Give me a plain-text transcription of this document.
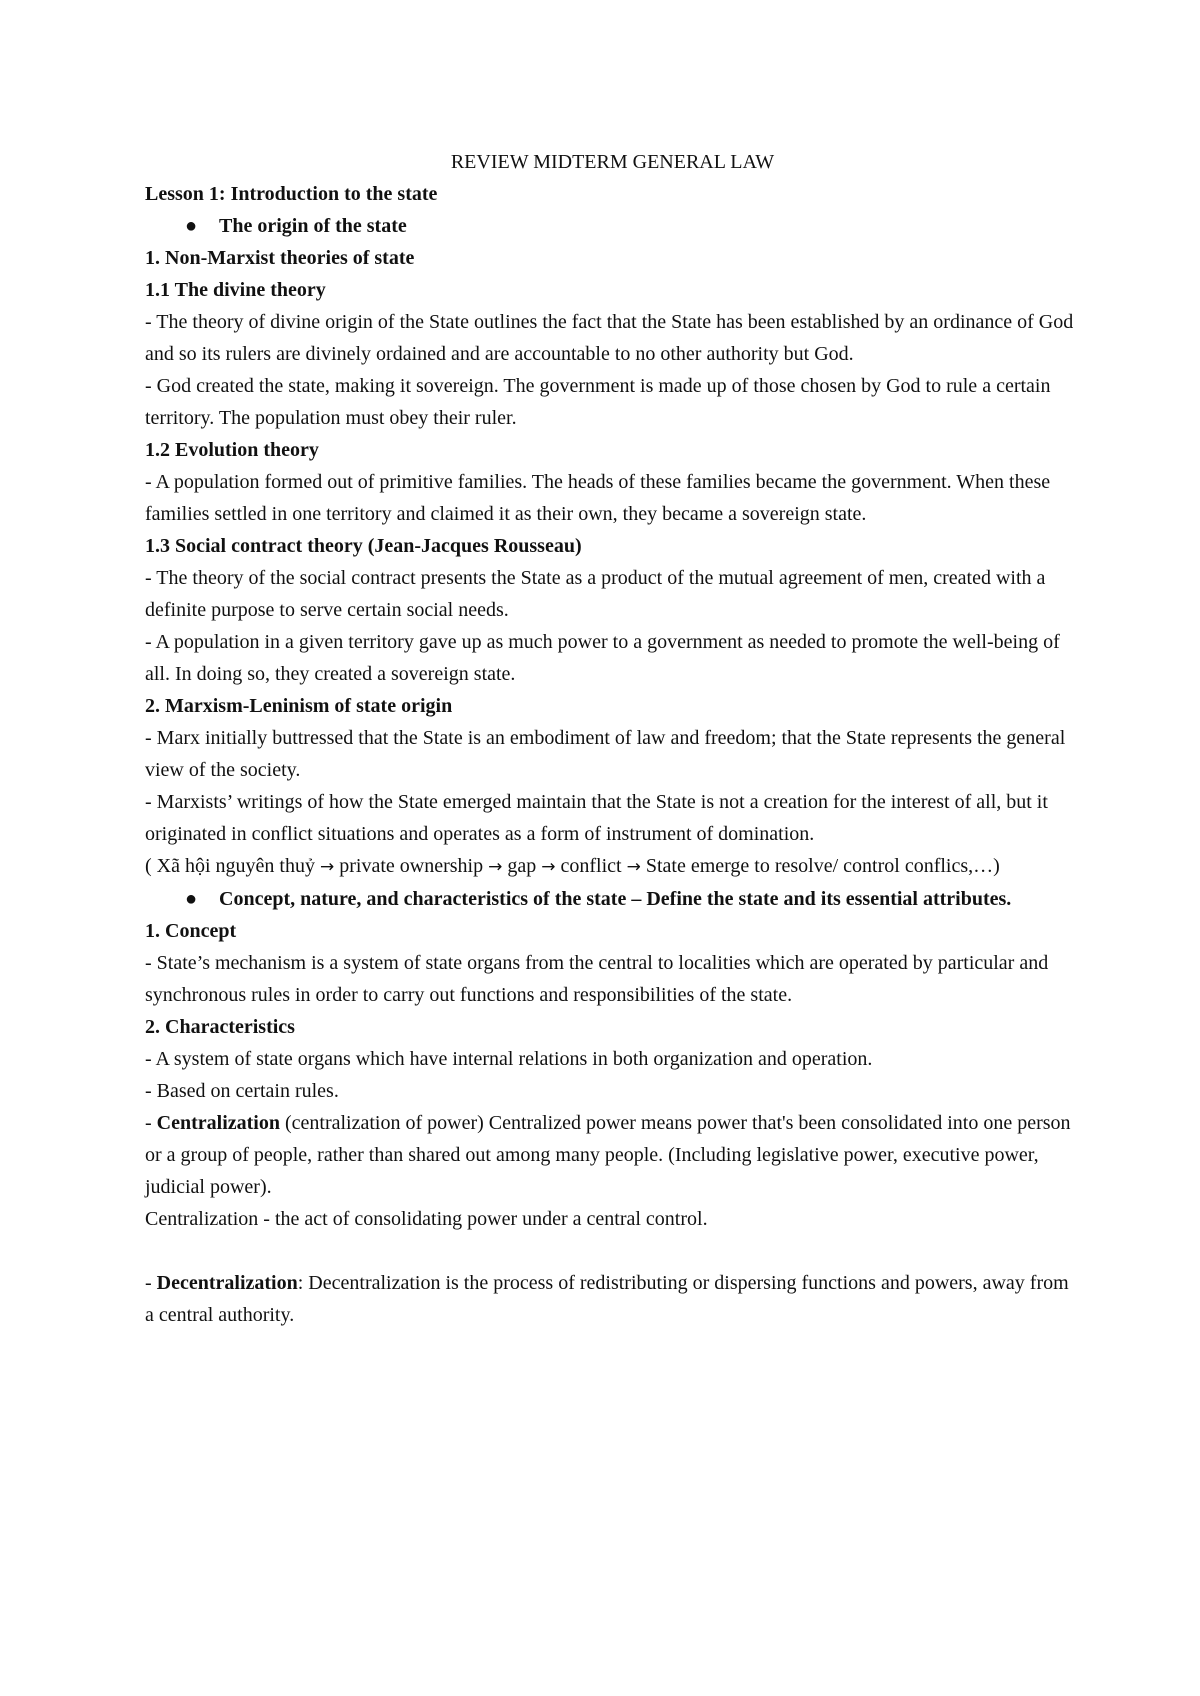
REVIEW MIDTERM GENERAL LAW

Lesson 1: Introduction to the state

● The origin of the state

1. Non-Marxist theories of state

1.1 The divine theory

- The theory of divine origin of the State outlines the fact that the State has been established by an ordinance of God and so its rulers are divinely ordained and are accountable to no other authority but God.

- God created the state, making it sovereign. The government is made up of those chosen by God to rule a certain territory. The population must obey their ruler.

1.2 Evolution theory

- A population formed out of primitive families. The heads of these families became the government. When these families settled in one territory and claimed it as their own, they became a sovereign state.

1.3 Social contract theory (Jean-Jacques Rousseau)

- The theory of the social contract presents the State as a product of the mutual agreement of men, created with a definite purpose to serve certain social needs.

- A population in a given territory gave up as much power to a government as needed to promote the well-being of all. In doing so, they created a sovereign state.

2. Marxism-Leninism of state origin

- Marx initially buttressed that the State is an embodiment of law and freedom; that the State represents the general view of the society.

- Marxists’ writings of how the State emerged maintain that the State is not a creation for the interest of all, but it originated in conflict situations and operates as a form of instrument of domination.

( Xã hội nguyên thuỷ → private ownership → gap → conflict → State emerge to resolve/ control conflics,…)

● Concept, nature, and characteristics of the state – Define the state and its essential attributes.

1. Concept

- State’s mechanism is a system of state organs from the central to localities which are operated by particular and synchronous rules in order to carry out functions and responsibilities of the state.

2. Characteristics

- A system of state organs which have internal relations in both organization and operation.

- Based on certain rules.

- Centralization (centralization of power) Centralized power means power that's been consolidated into one person or a group of people, rather than shared out among many people. (Including legislative power, executive power, judicial power).

Centralization - the act of consolidating power under a central control.

- Decentralization: Decentralization is the process of redistributing or dispersing functions and powers, away from a central authority.
